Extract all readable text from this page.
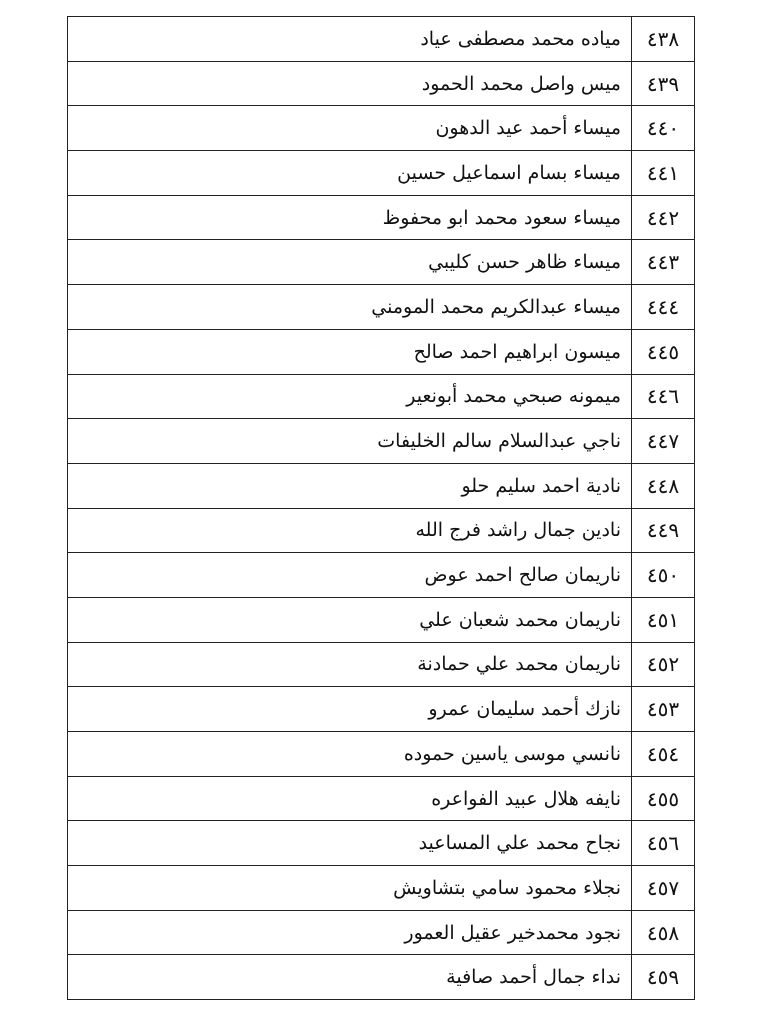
٤٣٨
مياده محمد مصطفى عياد
٤٣٩
ميس واصل محمد الحمود
٤٤٠
ميساء أحمد عيد الدهون
٤٤١
ميساء بسام اسماعيل حسين
٤٤٢
ميساء سعود محمد ابو محفوظ
٤٤٣
ميساء ظاهر حسن كليبي
٤٤٤
ميساء عبدالكريم محمد المومني
٤٤٥
ميسون ابراهيم احمد صالح
٤٤٦
ميمونه صبحي محمد أبونعير
٤٤٧
ناجي عبدالسلام سالم الخليفات
٤٤٨
نادية احمد سليم حلو
٤٤٩
نادين جمال راشد فرج الله
٤٥٠
ناريمان صالح احمد عوض
٤٥١
ناريمان محمد شعبان علي
٤٥٢
ناريمان محمد علي حمادنة
٤٥٣
نازك أحمد سليمان عمرو
٤٥٤
نانسي موسى ياسين حموده
٤٥٥
نايفه هلال عبيد الفواعره
٤٥٦
نجاح محمد علي المساعيد
٤٥٧
نجلاء محمود سامي بتشاويش
٤٥٨
نجود محمدخير عقيل العمور
٤٥٩
نداء جمال أحمد صافية
